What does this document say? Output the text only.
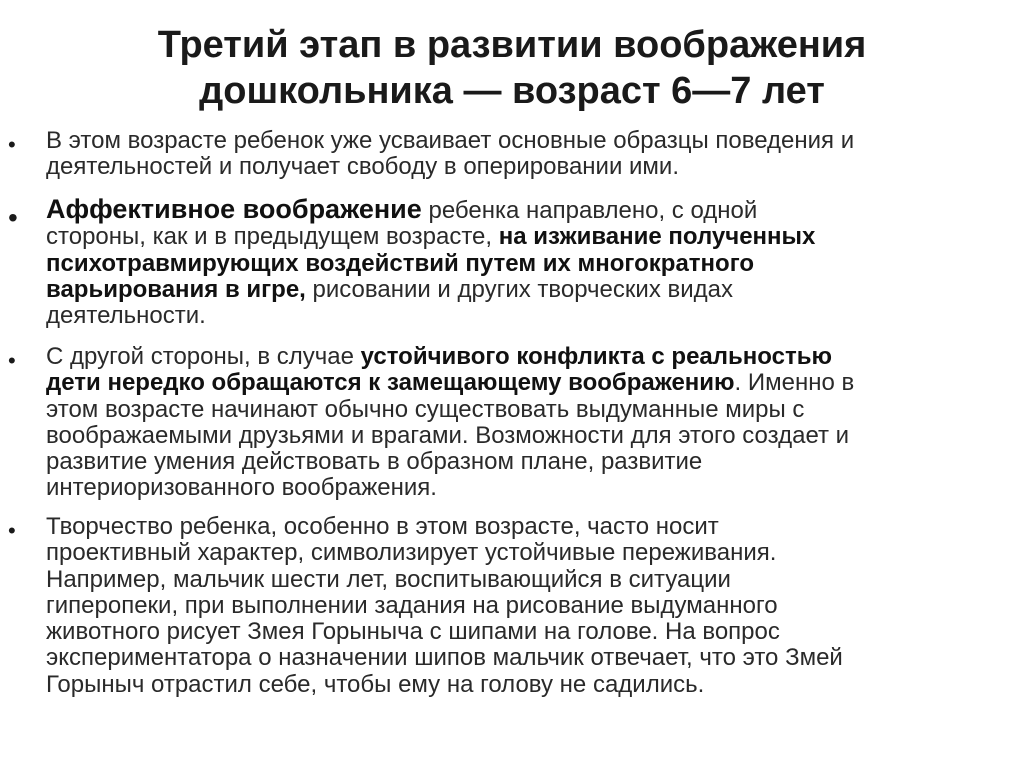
Третий этап в развитии воображения
дошкольника — возраст 6—7 лет
• В этом возрасте ребенок уже усваивает основные образцы поведения и
деятельностей и получает свободу в оперировании ими.
• Аффективное воображение ребенка направлено, с одной
стороны, как и в предыдущем возрасте, на изживание полученных
психотравмирующих воздействий путем их многократного
варьирования в игре, рисовании и других творческих видах
деятельности.
• С другой стороны, в случае устойчивого конфликта с реальностью
дети нередко обращаются к замещающему воображению. Именно в
этом возрасте начинают обычно существовать выдуманные миры с
воображаемыми друзьями и врагами. Возможности для этого создает и
развитие умения действовать в образном плане, развитие
интериоризованного воображения.
• Творчество ребенка, особенно в этом возрасте, часто носит
проективный характер, символизирует устойчивые переживания.
Например, мальчик шести лет, воспитывающийся в ситуации
гиперопеки, при выполнении задания на рисование выдуманного
животного рисует Змея Горыныча с шипами на голове. На вопрос
экспериментатора о назначении шипов мальчик отвечает, что это Змей
Горыныч отрастил себе, чтобы ему на голову не садились.
